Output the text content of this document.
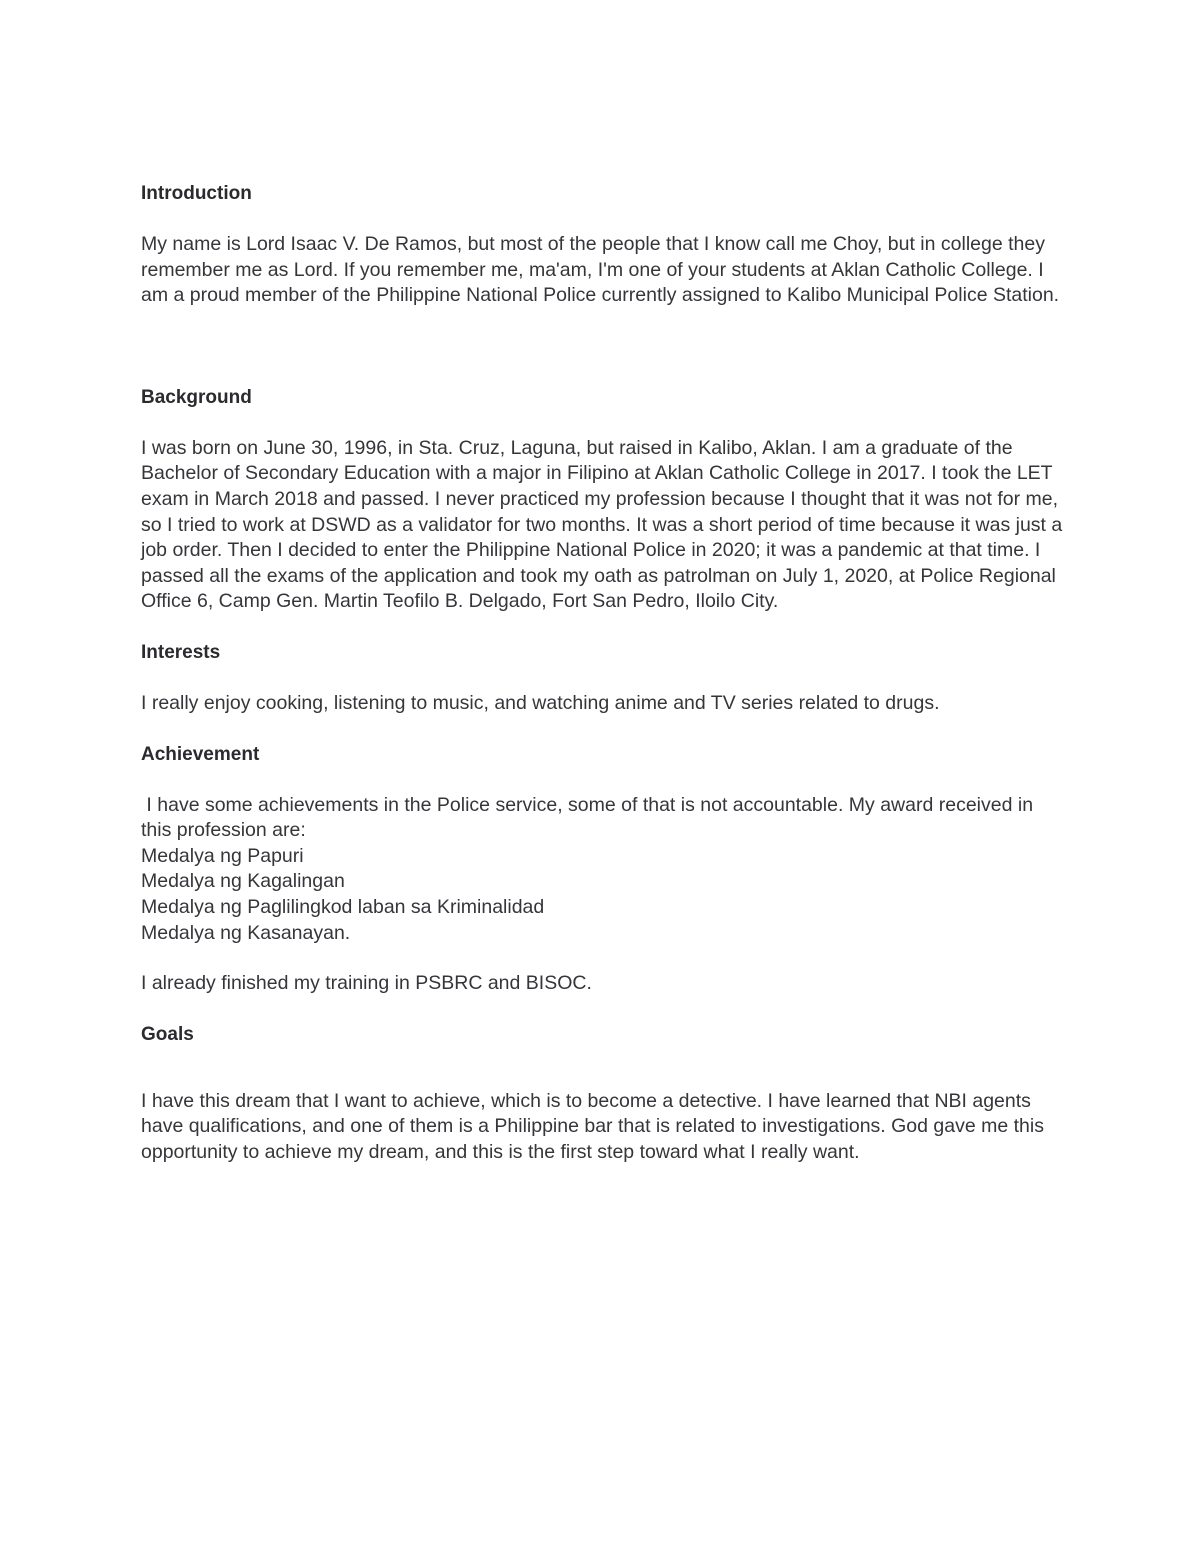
Introduction

My name is Lord Isaac V. De Ramos, but most of the people that I know call me Choy, but in college they remember me as Lord. If you remember me, ma'am, I'm one of your students at Aklan Catholic College. I am a proud member of the Philippine National Police currently assigned to Kalibo Municipal Police Station.

Background

I was born on June 30, 1996, in Sta. Cruz, Laguna, but raised in Kalibo, Aklan. I am a graduate of the Bachelor of Secondary Education with a major in Filipino at Aklan Catholic College in 2017. I took the LET exam in March 2018 and passed. I never practiced my profession because I thought that it was not for me, so I tried to work at DSWD as a validator for two months. It was a short period of time because it was just a job order. Then I decided to enter the Philippine National Police in 2020; it was a pandemic at that time. I passed all the exams of the application and took my oath as patrolman on July 1, 2020, at Police Regional Office 6, Camp Gen. Martin Teofilo B. Delgado, Fort San Pedro, Iloilo City.

Interests

I really enjoy cooking, listening to music, and watching anime and TV series related to drugs.

Achievement

I have some achievements in the Police service, some of that is not accountable. My award received in this profession are:

Medalya ng Papuri
Medalya ng Kagalingan
Medalya ng Paglilingkod laban sa Kriminalidad
Medalya ng Kasanayan.

I already finished my training in PSBRC and BISOC.

Goals

I have this dream that I want to achieve, which is to become a detective. I have learned that NBI agents have qualifications, and one of them is a Philippine bar that is related to investigations. God gave me this opportunity to achieve my dream, and this is the first step toward what I really want.
